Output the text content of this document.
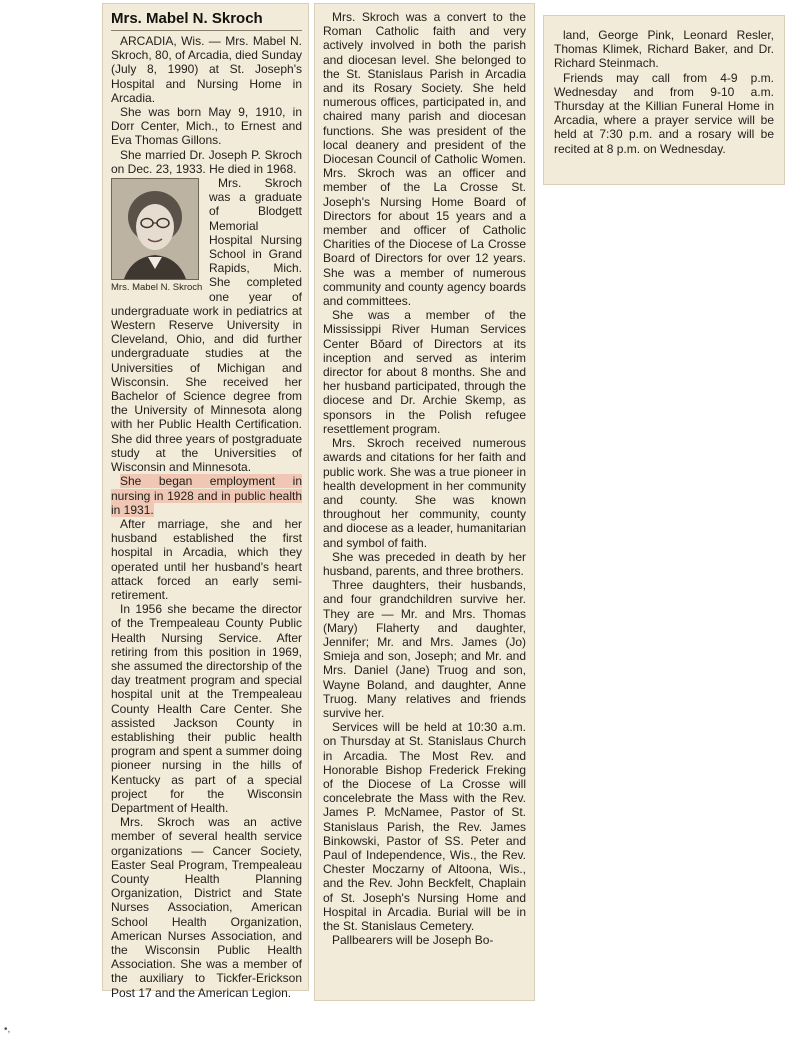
Mrs. Mabel N. Skroch

ARCADIA, Wis. — Mrs. Mabel N. Skroch, 80, of Arcadia, died Sunday (July 8, 1990) at St. Joseph's Hospital and Nursing Home in Arcadia.

She was born May 9, 1910, in Dorr Center, Mich., to Ernest and Eva Thomas Gillons.

She married Dr. Joseph P. Skroch on Dec. 23, 1933. He died in 1968.

Mrs. Mabel N. Skroch

Mrs. Skroch was a graduate of Blodgett Memorial Hospital Nursing School in Grand Rapids, Mich. She completed one year of undergraduate work in pediatrics at Western Reserve University in Cleveland, Ohio, and did further undergraduate studies at the Universities of Michigan and Wisconsin. She received her Bachelor of Science degree from the University of Minnesota along with her Public Health Certification. She did three years of postgraduate study at the Universities of Wisconsin and Minnesota.

She began employment in nursing in 1928 and in public health in 1931.

After marriage, she and her husband established the first hospital in Arcadia, which they operated until her husband's heart attack forced an early semi-retirement.

In 1956 she became the director of the Trempealeau County Public Health Nursing Service. After retiring from this position in 1969, she assumed the directorship of the day treatment program and special hospital unit at the Trempealeau County Health Care Center. She assisted Jackson County in establishing their public health program and spent a summer doing pioneer nursing in the hills of Kentucky as part of a special project for the Wisconsin Department of Health.

Mrs. Skroch was an active member of several health service organizations — Cancer Society, Easter Seal Program, Trempealeau County Health Planning Organization, District and State Nurses Association, American School Health Organization, American Nurses Association, and the Wisconsin Public Health Association. She was a member of the auxiliary to Tickfer-Erickson Post 17 and the American Legion.

Mrs. Skroch was a convert to the Roman Catholic faith and very actively involved in both the parish and diocesan level. She belonged to the St. Stanislaus Parish in Arcadia and its Rosary Society. She held numerous offices, participated in, and chaired many parish and diocesan functions. She was president of the local deanery and president of the Diocesan Council of Catholic Women. Mrs. Skroch was an officer and member of the La Crosse St. Joseph's Nursing Home Board of Directors for about 15 years and a member and officer of Catholic Charities of the Diocese of La Crosse Board of Directors for over 12 years. She was a member of numerous community and county agency boards and committees.

She was a member of the Mississippi River Human Services Center Bŏard of Directors at its inception and served as interim director for about 8 months. She and her husband participated, through the diocese and Dr. Archie Skemp, as sponsors in the Polish refugee resettlement program.

Mrs. Skroch received numerous awards and citations for her faith and public work. She was a true pioneer in health development in her community and county. She was known throughout her community, county and diocese as a leader, humanitarian and symbol of faith.

She was preceded in death by her husband, parents, and three brothers.

Three daughters, their husbands, and four grandchildren survive her. They are — Mr. and Mrs. Thomas (Mary) Flaherty and daughter, Jennifer; Mr. and Mrs. James (Jo) Smieja and son, Joseph; and Mr. and Mrs. Daniel (Jane) Truog and son, Wayne Boland, and daughter, Anne Truog. Many relatives and friends survive her.

Services will be held at 10:30 a.m. on Thursday at St. Stanislaus Church in Arcadia. The Most Rev. and Honorable Bishop Frederick Freking of the Diocese of La Crosse will concelebrate the Mass with the Rev. James P. McNamee, Pastor of St. Stanislaus Parish, the Rev. James Binkowski, Pastor of SS. Peter and Paul of Independence, Wis., the Rev. Chester Moczarny of Altoona, Wis., and the Rev. John Beckfelt, Chaplain of St. Joseph's Nursing Home and Hospital in Arcadia. Burial will be in the St. Stanislaus Cemetery.

Pallbearers will be Joseph Bo-

land, George Pink, Leonard Resler, Thomas Klimek, Richard Baker, and Dr. Richard Steinmach.

Friends may call from 4-9 p.m. Wednesday and from 9-10 a.m. Thursday at the Killian Funeral Home in Arcadia, where a prayer service will be held at 7:30 p.m. and a rosary will be recited at 8 p.m. on Wednesday.

•,
